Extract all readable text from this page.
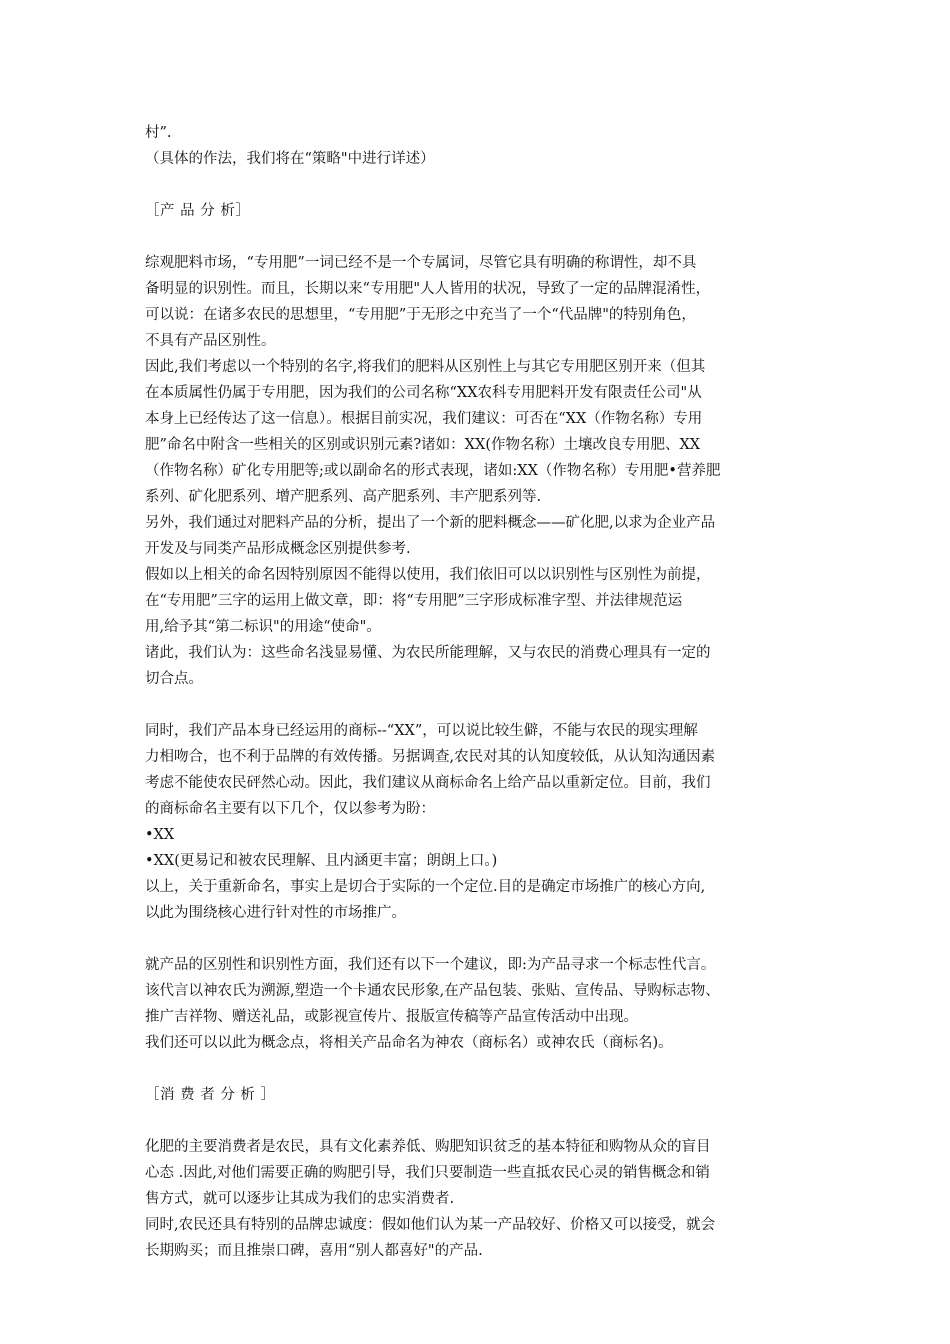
村”.
（具体的作法，我们将在“策略"中进行详述）
［产 品 分 析］
综观肥料市场，“专用肥”一词已经不是一个专属词，尽管它具有明确的称谓性，却不具
备明显的识别性。而且，长期以来“专用肥"人人皆用的状况，导致了一定的品牌混淆性，
可以说：在诸多农民的思想里，“专用肥”于无形之中充当了一个“代品牌"的特别角色，
不具有产品区别性。
因此,我们考虑以一个特别的名字,将我们的肥料从区别性上与其它专用肥区别开来（但其
在本质属性仍属于专用肥，因为我们的公司名称“XX农科专用肥料开发有限责任公司"从
本身上已经传达了这一信息）。根据目前实况，我们建议：可否在“XX（作物名称）专用
肥”命名中附含一些相关的区别或识别元素?诸如：XX(作物名称）土壤改良专用肥、XX
（作物名称）矿化专用肥等;或以副命名的形式表现，诸如:XX（作物名称）专用肥•营养肥
系列、矿化肥系列、增产肥系列、高产肥系列、丰产肥系列等.
另外，我们通过对肥料产品的分析，提出了一个新的肥料概念——矿化肥,以求为企业产品
开发及与同类产品形成概念区别提供参考.
假如以上相关的命名因特别原因不能得以使用，我们依旧可以以识别性与区别性为前提，
在“专用肥”三字的运用上做文章，即：将“专用肥”三字形成标准字型、并法律规范运
用,给予其“第二标识"的用途“使命"。
诸此，我们认为：这些命名浅显易懂、为农民所能理解，又与农民的消费心理具有一定的
切合点。
同时，我们产品本身已经运用的商标--“XX”，可以说比较生僻，不能与农民的现实理解
力相吻合，也不利于品牌的有效传播。另据调查,农民对其的认知度较低，从认知沟通因素
考虑不能使农民砰然心动。因此，我们建议从商标命名上给产品以重新定位。目前，我们
的商标命名主要有以下几个，仅以参考为盼：
•XX
•XX(更易记和被农民理解、且内涵更丰富；朗朗上口。)
以上，关于重新命名，事实上是切合于实际的一个定位.目的是确定市场推广的核心方向,
以此为围绕核心进行针对性的市场推广。
就产品的区别性和识别性方面，我们还有以下一个建议，即:为产品寻求一个标志性代言。
该代言以神农氏为溯源,塑造一个卡通农民形象,在产品包装、张贴、宣传品、导购标志物、
推广吉祥物、赠送礼品，或影视宣传片、报版宣传稿等产品宣传活动中出现。
我们还可以以此为概念点，将相关产品命名为神农（商标名）或神农氏（商标名)。
［消 费 者 分 析 ］
化肥的主要消费者是农民，具有文化素养低、购肥知识贫乏的基本特征和购物从众的盲目
心态 .因此,对他们需要正确的购肥引导，我们只要制造一些直抵农民心灵的销售概念和销
售方式，就可以逐步让其成为我们的忠实消费者.
同时,农民还具有特别的品牌忠诚度：假如他们认为某一产品较好、价格又可以接受，就会
长期购买；而且推崇口碑，喜用“别人都喜好"的产品.
